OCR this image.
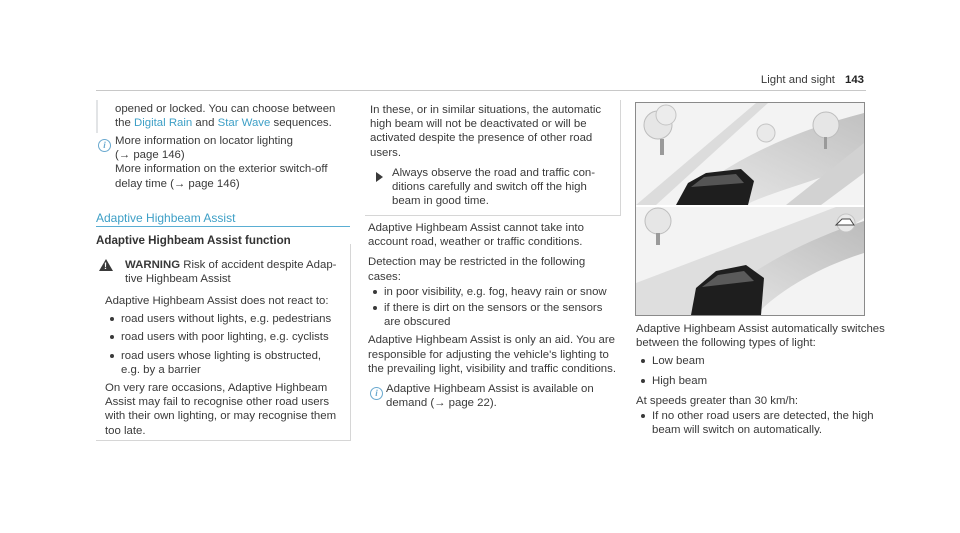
Light and sight 143
opened or locked. You can choose between
the Digital Rain and Star Wave sequences.
i More information on locator lighting
(→ page 146)
More information on the exterior switch-off
delay time (→ page 146)
Adaptive Highbeam Assist
Adaptive Highbeam Assist function
! WARNING Risk of accident despite Adap-
tive Highbeam Assist
Adaptive Highbeam Assist does not react to:
road users without lights, e.g. pedestrians
road users with poor lighting, e.g. cyclists
road users whose lighting is obstructed,
e.g. by a barrier
On very rare occasions, Adaptive Highbeam
Assist may fail to recognise other road users
with their own lighting, or may recognise them
too late.
In these, or in similar situations, the automatic
high beam will not be deactivated or will be
activated despite the presence of other road
users.
Always observe the road and traffic con-
ditions carefully and switch off the high
beam in good time.
Adaptive Highbeam Assist cannot take into
account road, weather or traffic conditions.
Detection may be restricted in the following
cases:
in poor visibility, e.g. fog, heavy rain or snow
if there is dirt on the sensors or the sensors
are obscured
Adaptive Highbeam Assist is only an aid. You are
responsible for adjusting the vehicle's lighting to
the prevailing light, visibility and traffic conditions.
i Adaptive Highbeam Assist is available on
demand (→ page 22).
Adaptive Highbeam Assist automatically switches
between the following types of light:
Low beam
High beam
At speeds greater than 30 km/h:
If no other road users are detected, the high
beam will switch on automatically.
